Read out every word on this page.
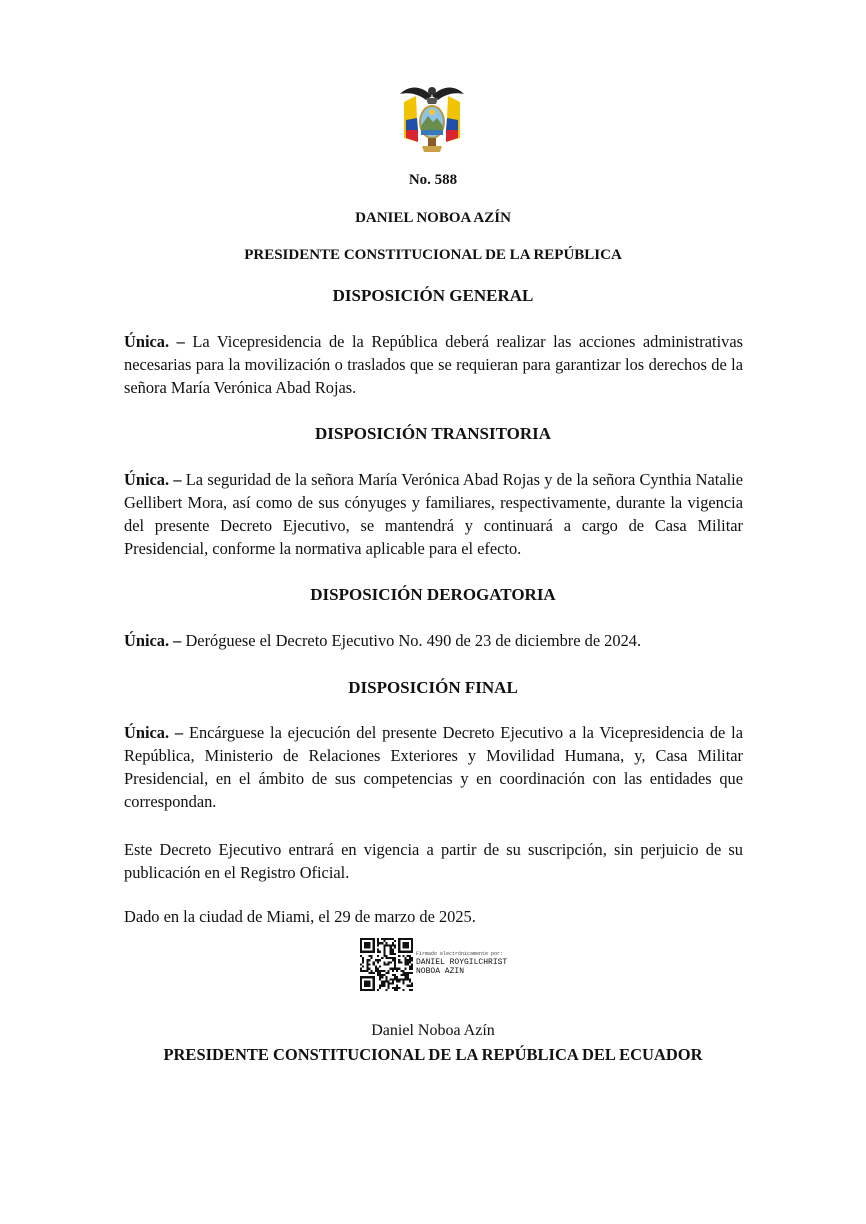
No. 588
DANIEL NOBOA AZÍN
PRESIDENTE CONSTITUCIONAL DE LA REPÚBLICA
DISPOSICIÓN GENERAL
Única. – La Vicepresidencia de la República deberá realizar las acciones administrativas necesarias para la movilización o traslados que se requieran para garantizar los derechos de la señora María Verónica Abad Rojas.
DISPOSICIÓN TRANSITORIA
Única. – La seguridad de la señora María Verónica Abad Rojas y de la señora Cynthia Natalie Gellibert Mora, así como de sus cónyuges y familiares, respectivamente, durante la vigencia del presente Decreto Ejecutivo, se mantendrá y continuará a cargo de Casa Militar Presidencial, conforme la normativa aplicable para el efecto.
DISPOSICIÓN DEROGATORIA
Única. – Deróguese el Decreto Ejecutivo No. 490 de 23 de diciembre de 2024.
DISPOSICIÓN FINAL
Única. – Encárguese la ejecución del presente Decreto Ejecutivo a la Vicepresidencia de la República, Ministerio de Relaciones Exteriores y Movilidad Humana, y, Casa Militar Presidencial, en el ámbito de sus competencias y en coordinación con las entidades que correspondan.
Este Decreto Ejecutivo entrará en vigencia a partir de su suscripción, sin perjuicio de su publicación en el Registro Oficial.
Dado en la ciudad de Miami, el 29 de marzo de 2025.
Firmado electrónicamente por:
DANIEL ROYGILCHRIST
NOBOA AZIN
Daniel Noboa Azín
PRESIDENTE CONSTITUCIONAL DE LA REPÚBLICA DEL ECUADOR
